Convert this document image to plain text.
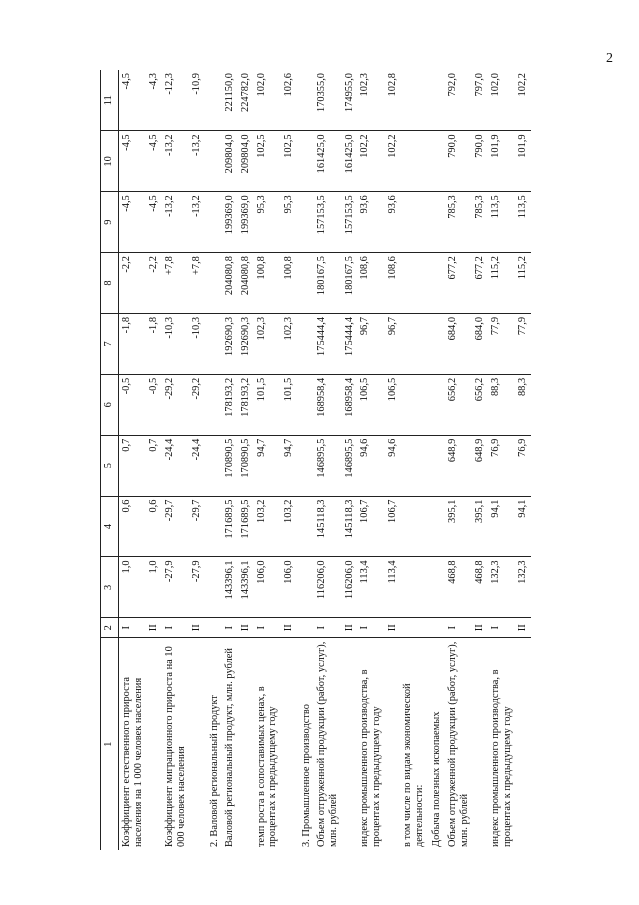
2
1	2	3	4	5	6	7	8	9	10	11
Коэффициент естественного прироста населения на 1 000 человек населения	I	1,0	0,6	0,7	-0,5	-1,8	-2,2	-4,5	-4,5	-4,5
	II	1,0	0,6	0,7	-0,5	-1,8	-2,2	-4,5	-4,5	-4,3
Коэффициент миграционного прироста на 10 000 человек населения	I	-27,9	-29,7	-24,4	-29,2	-10,3	+7,8	-13,2	-13,2	-12,3
	II	-27,9	-29,7	-24,4	-29,2	-10,3	+7,8	-13,2	-13,2	-10,9
2. Валовой региональный продукт										
Валовой региональный продукт, млн. рублей	I	143396,1	171689,5	170890,5	178193,2	192690,3	204080,8	199369,0	209804,0	221150,0
	II	143396,1	171689,5	170890,5	178193,2	192690,3	204080,8	199369,0	209804,0	224782,0
темп роста в сопоставимых ценах, в процентах к предыдущему году	I	106,0	103,2	94,7	101,5	102,3	100,8	95,3	102,5	102,0
	II	106,0	103,2	94,7	101,5	102,3	100,8	95,3	102,5	102,6
3. Промышленное производство										
Объем отгруженной продукции (работ, услуг), млн. рублей	I	116206,0	145118,3	146895,5	168958,4	175444,4	180167,5	157153,5	161425,0	170355,0
	II	116206,0	145118,3	146895,5	168958,4	175444,4	180167,5	157153,5	161425,0	174955,0
индекс промышленного производства, в процентах к предыдущему году	I	113,4	106,7	94,6	106,5	96,7	108,6	93,6	102,2	102,3
	II	113,4	106,7	94,6	106,5	96,7	108,6	93,6	102,2	102,8
в том числе по видам экономической деятельности:										
Добыча полезных ископаемых										
Объем отгруженной продукции (работ, услуг), млн. рублей	I	468,8	395,1	648,9	656,2	684,0	677,2	785,3	790,0	792,0
	II	468,8	395,1	648,9	656,2	684,0	677,2	785,3	790,0	797,0
индекс промышленного производства, в процентах к предыдущему году	I	132,3	94,1	76,9	88,3	77,9	115,2	113,5	101,9	102,0
	II	132,3	94,1	76,9	88,3	77,9	115,2	113,5	101,9	102,2
